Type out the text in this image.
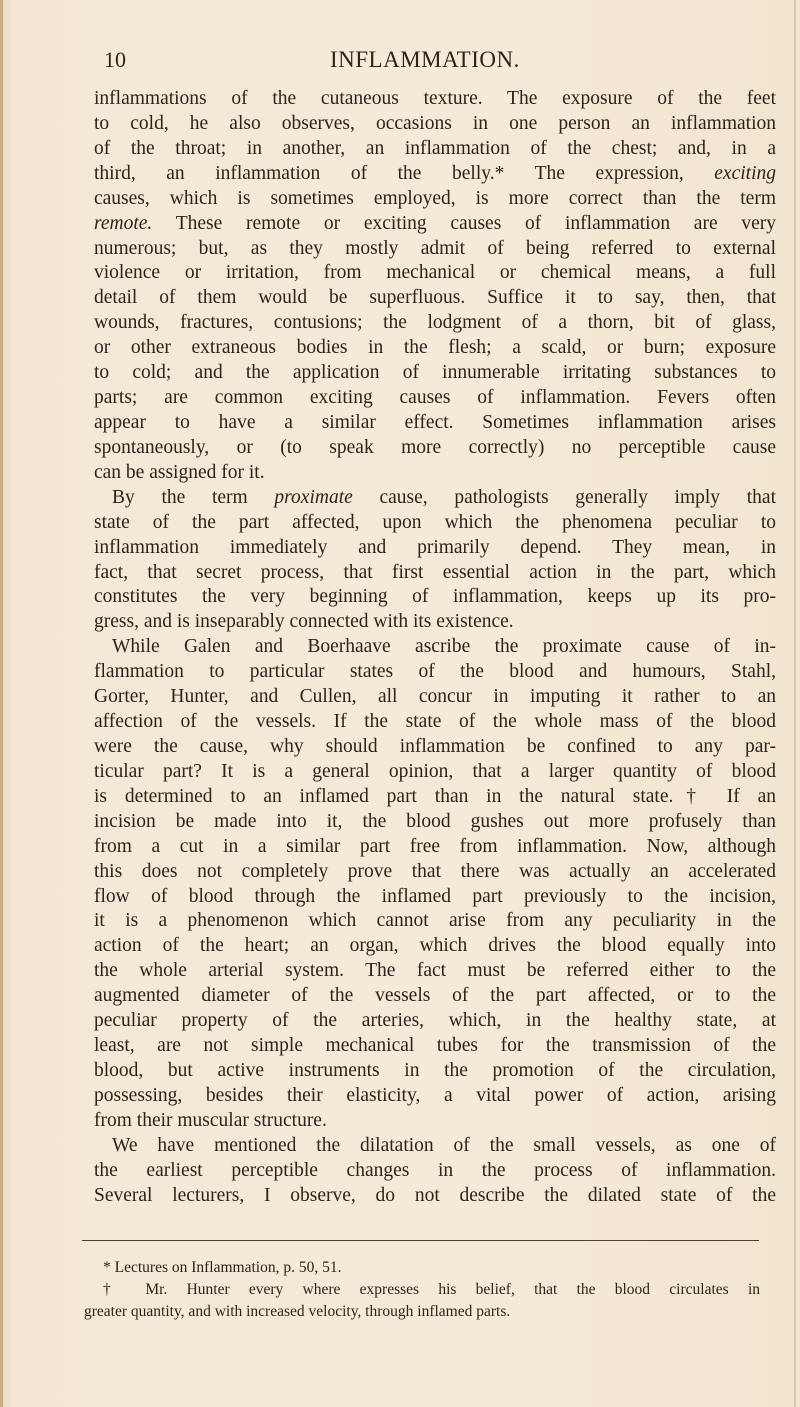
10	INFLAMMATION.
inflammations of the cutaneous texture. The exposure of the feet
to cold, he also observes, occasions in one person an inflammation
of the throat; in another, an inflammation of the chest; and, in a
third, an inflammation of the belly.* The expression, exciting
causes, which is sometimes employed, is more correct than the term
remote. These remote or exciting causes of inflammation are very
numerous; but, as they mostly admit of being referred to external
violence or irritation, from mechanical or chemical means, a full
detail of them would be superfluous. Suffice it to say, then, that
wounds, fractures, contusions; the lodgment of a thorn, bit of glass,
or other extraneous bodies in the flesh; a scald, or burn; exposure
to cold; and the application of innumerable irritating substances to
parts; are common exciting causes of inflammation. Fevers often
appear to have a similar effect. Sometimes inflammation arises
spontaneously, or (to speak more correctly) no perceptible cause
can be assigned for it.
By the term proximate cause, pathologists generally imply that
state of the part affected, upon which the phenomena peculiar to
inflammation immediately and primarily depend. They mean, in
fact, that secret process, that first essential action in the part, which
constitutes the very beginning of inflammation, keeps up its pro-
gress, and is inseparably connected with its existence.
While Galen and Boerhaave ascribe the proximate cause of in-
flammation to particular states of the blood and humours, Stahl,
Gorter, Hunter, and Cullen, all concur in imputing it rather to an
affection of the vessels. If the state of the whole mass of the blood
were the cause, why should inflammation be confined to any par-
ticular part? It is a general opinion, that a larger quantity of blood
is determined to an inflamed part than in the natural state.† If an
incision be made into it, the blood gushes out more profusely than
from a cut in a similar part free from inflammation. Now, although
this does not completely prove that there was actually an accelerated
flow of blood through the inflamed part previously to the incision,
it is a phenomenon which cannot arise from any peculiarity in the
action of the heart; an organ, which drives the blood equally into
the whole arterial system. The fact must be referred either to the
augmented diameter of the vessels of the part affected, or to the
peculiar property of the arteries, which, in the healthy state, at
least, are not simple mechanical tubes for the transmission of the
blood, but active instruments in the promotion of the circulation,
possessing, besides their elasticity, a vital power of action, arising
from their muscular structure.
We have mentioned the dilatation of the small vessels, as one of
the earliest perceptible changes in the process of inflammation.
Several lecturers, I observe, do not describe the dilated state of the
* Lectures on Inflammation, p. 50, 51.
† Mr. Hunter every where expresses his belief, that the blood circulates in
greater quantity, and with increased velocity, through inflamed parts.
